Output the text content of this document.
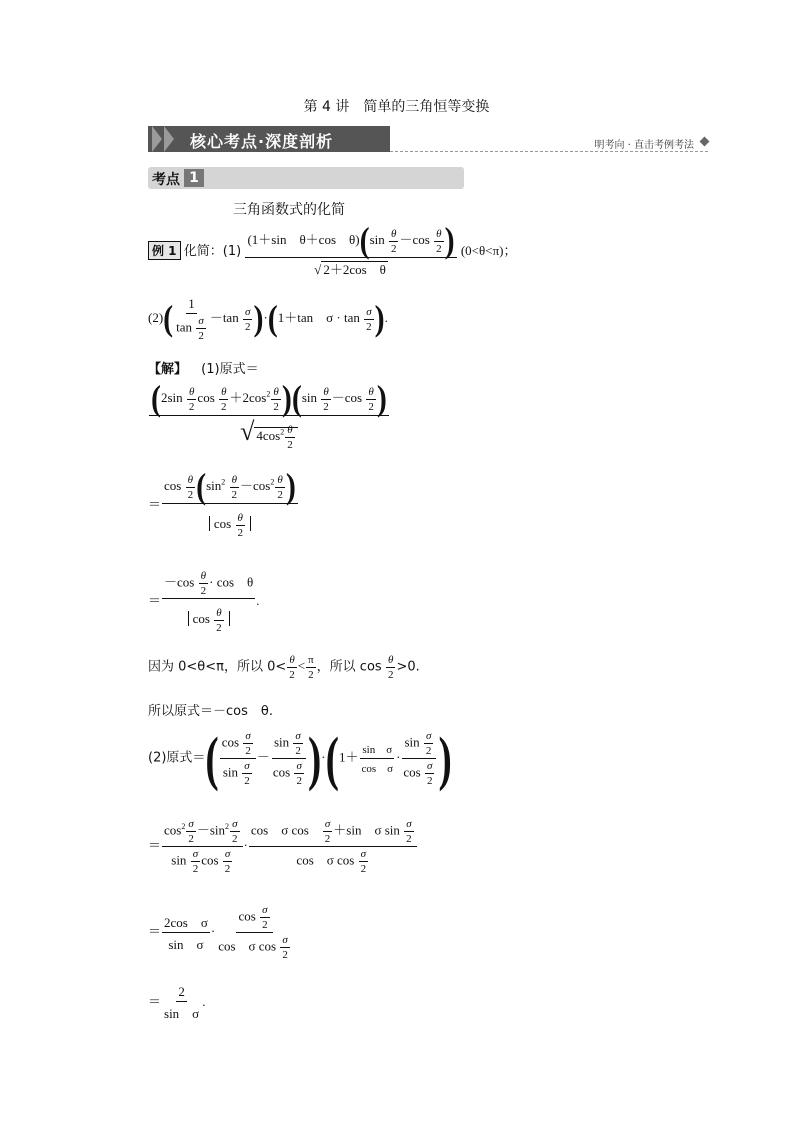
第 4 讲　简单的三角恒等变换
核心考点·深度剖析	明考向 · 直击考例考法
考点 1
三角函数式的化简
例 1 化简：$(1) \frac{(1+\sin \theta+\cos \theta)(\sin \frac{\theta}{2} -\cos \frac{\theta}{2} )}{\text{√ 2＋2cos　θ}} (0<\theta<\pi)$；
$(2)( \frac{1}{\tan \frac{\sigma}{2}} -\tan \frac{\sigma}{2} )\cdot(1+\tan$　$\sigma \cdot \tan \frac{\sigma}{2}$ ).
【解】 (1)原式＝
$\frac{(2\sin \frac{\theta}{2} \cos \frac{\theta}{2} +2\cos^2 \frac{\theta}{2} )(\sin \frac{\theta}{2} -\cos \frac{\theta}{2} )}{√ 4\cos^2 \frac{\theta}{2}}$
＝ $\frac{\cos \frac{\theta}{2} (\sin^2 \frac{\theta}{2} -\cos^2 \frac{\theta}{2} )}{\cos \frac{\theta}{2}}$
＝ $\frac{-\cos \frac{\theta}{2} \cdot \cos \theta}{\cos \frac{\theta}{2}}$ .
因为 0<θ<π，所以 $0< \frac{\theta}{2} < \frac{\pi}{2}$ ，所以 $\cos \frac{\theta}{2} >0$.
所以原式＝－cos　θ.
(2)原式＝( $\frac{\cos \frac{\sigma}{2}}{\sin \frac{\sigma}{2}} - \frac{\sin \frac{\sigma}{2}}{\cos \frac{\sigma}{2}} )\cdot(1+ \frac{\text{sin　σ}}{\text{cos　σ}} \cdot \frac{\sin \frac{\sigma}{2}}{\cos \frac{\sigma}{2}}$ )
＝ $\frac{\cos^2 \frac{\sigma}{2} -\sin^2 \frac{\sigma}{2}}{\sin \frac{\sigma}{2} \cos \frac{\sigma}{2}} \cdot \frac{\cos \sigma \cos \frac{\sigma}{2} +\sin \sigma \sin \frac{\sigma}{2}}{\cos \sigma \cos \frac{\sigma}{2}}$
＝ $\frac{\text{2cos　σ}}{\text{sin　σ}} \cdot \frac{\cos \frac{\sigma}{2}}{\cos \sigma \cos \frac{\sigma}{2}}$
＝ $\frac{2}{\text{sin　σ}}$ .
